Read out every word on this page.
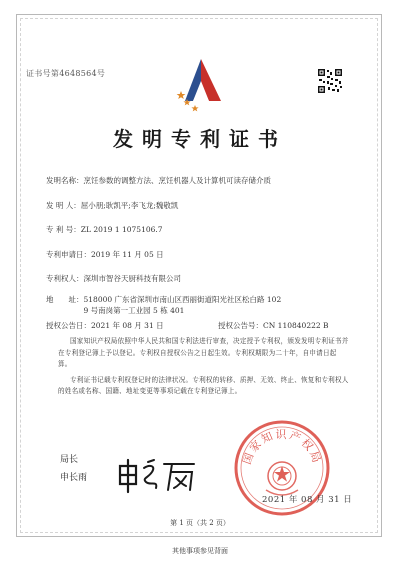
证书号第4648564号
发明专利证书
发明名称：烹饪参数的调整方法、烹饪机器人及计算机可读存储介质
发 明 人：屈小朋;耿凯平;李飞龙;魏敬凯
专 利 号：ZL 2019 1 1075106.7
专利申请日：2019 年 11 月 05 日
专利权人：深圳市智谷天厨科技有限公司
地　　址：518000 广东省深圳市南山区西丽街道阳光社区松白路 102
9 号南岗第一工业园 5 栋 401
授权公告日：2021 年 08 月 31 日	授权公告号：CN 110840222 B

国家知识产权局依照中华人民共和国专利法进行审查，决定授予专利权，颁发发明专利证书并在专利登记簿上予以登记。专利权自授权公告之日起生效。专利权期限为二十年，自申请日起算。

专利证书记载专利权登记时的法律状况。专利权的转移、质押、无效、终止、恢复和专利权人的姓名或名称、国籍、地址变更等事项记载在专利登记簿上。

局长
申长雨
国家知识产权局
2021 年 08 月 31 日
第 1 页（共 2 页）
其他事项参见背面
